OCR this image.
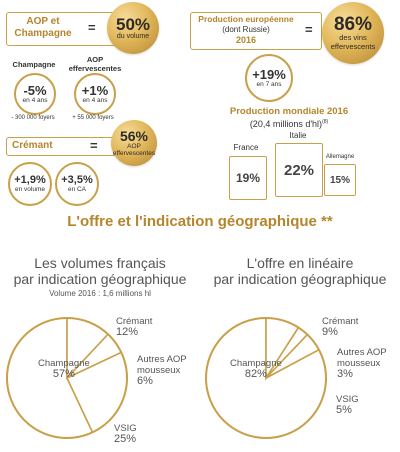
AOP et
Champagne	= 50%
du volume
Champagne
AOP
effervescentes
-5%
en 4 ans
+1%
en 4 ans
- 300 000 foyers	+ 55 000 foyers
Crémant	=
56%
AOP
effervescentes
+1,9%
en volume
+3,5%
en CA
Production européenne
(dont Russie)
2016
= 86%
des vins
effervescents
+19%
en 7 ans
Production mondiale 2016
(20,4 millions d'hl)$^{(8)}$
France
Italie
Allemagne
19%	22%
15%
L'offre et l'indication géographique **
Les volumes français
par indication géographique
Volume 2016 : 1,6 millions hl
Champagne
57%
Crémant
12%
Autres AOP
mousseux
6%
VSIG
25%
L'offre en linéaire
par indication géographique
Champagne
82%
Crémant
9%
Autres AOP
mousseux
3%
VSIG
5%
